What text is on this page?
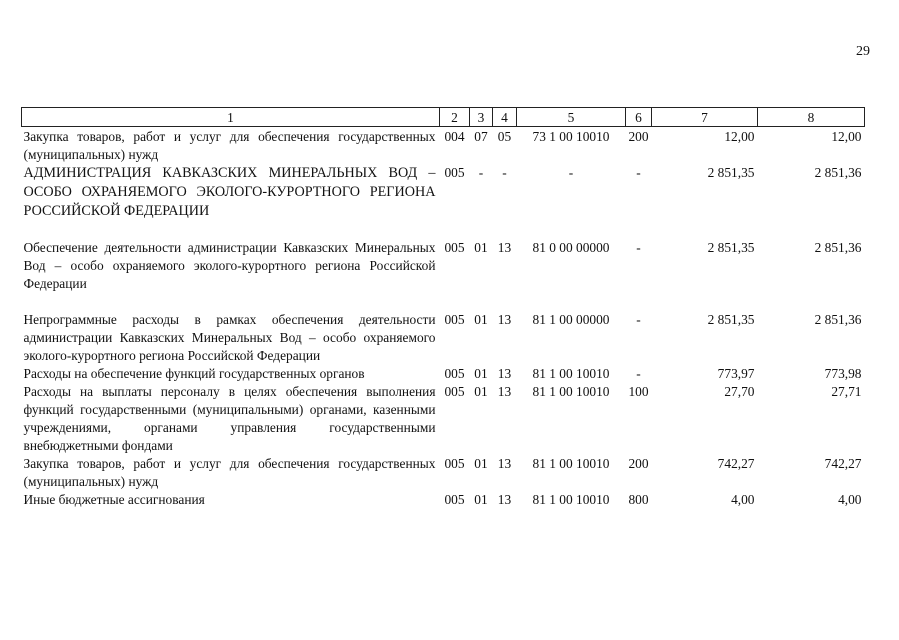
29
1	2	3	4	5	6	7	8
Закупка товаров, работ и услуг для обеспечения государственных (муниципальных) нужд	004	07	05	73 1 00 10010	200	12,00	12,00
АДМИНИСТРАЦИЯ КАВКАЗСКИХ МИНЕРАЛЬНЫХ ВОД – ОСОБО ОХРАНЯЕМОГО ЭКОЛОГО-КУРОРТНОГО РЕГИОНА РОССИЙСКОЙ ФЕДЕРАЦИИ	005	-	-	-	-	2 851,35	2 851,36
Обеспечение деятельности администрации Кавказских Минеральных Вод – особо охраняемого эколого-курортного региона Российской Федерации	005	01	13	81 0 00 00000	-	2 851,35	2 851,36
Непрограммные расходы в рамках обеспечения деятельности администрации Кавказских Минеральных Вод – особо охраняемого эколого-курортного региона Российской Федерации	005	01	13	81 1 00 00000	-	2 851,35	2 851,36
Расходы на обеспечение функций государственных органов	005	01	13	81 1 00 10010	-	773,97	773,98
Расходы на выплаты персоналу в целях обеспечения выполнения функций государственными (муниципальными) органами, казенными учреждениями, органами управления государственными внебюджетными фондами	005	01	13	81 1 00 10010	100	27,70	27,71
Закупка товаров, работ и услуг для обеспечения государственных (муниципальных) нужд	005	01	13	81 1 00 10010	200	742,27	742,27
Иные бюджетные ассигнования	005	01	13	81 1 00 10010	800	4,00	4,00
